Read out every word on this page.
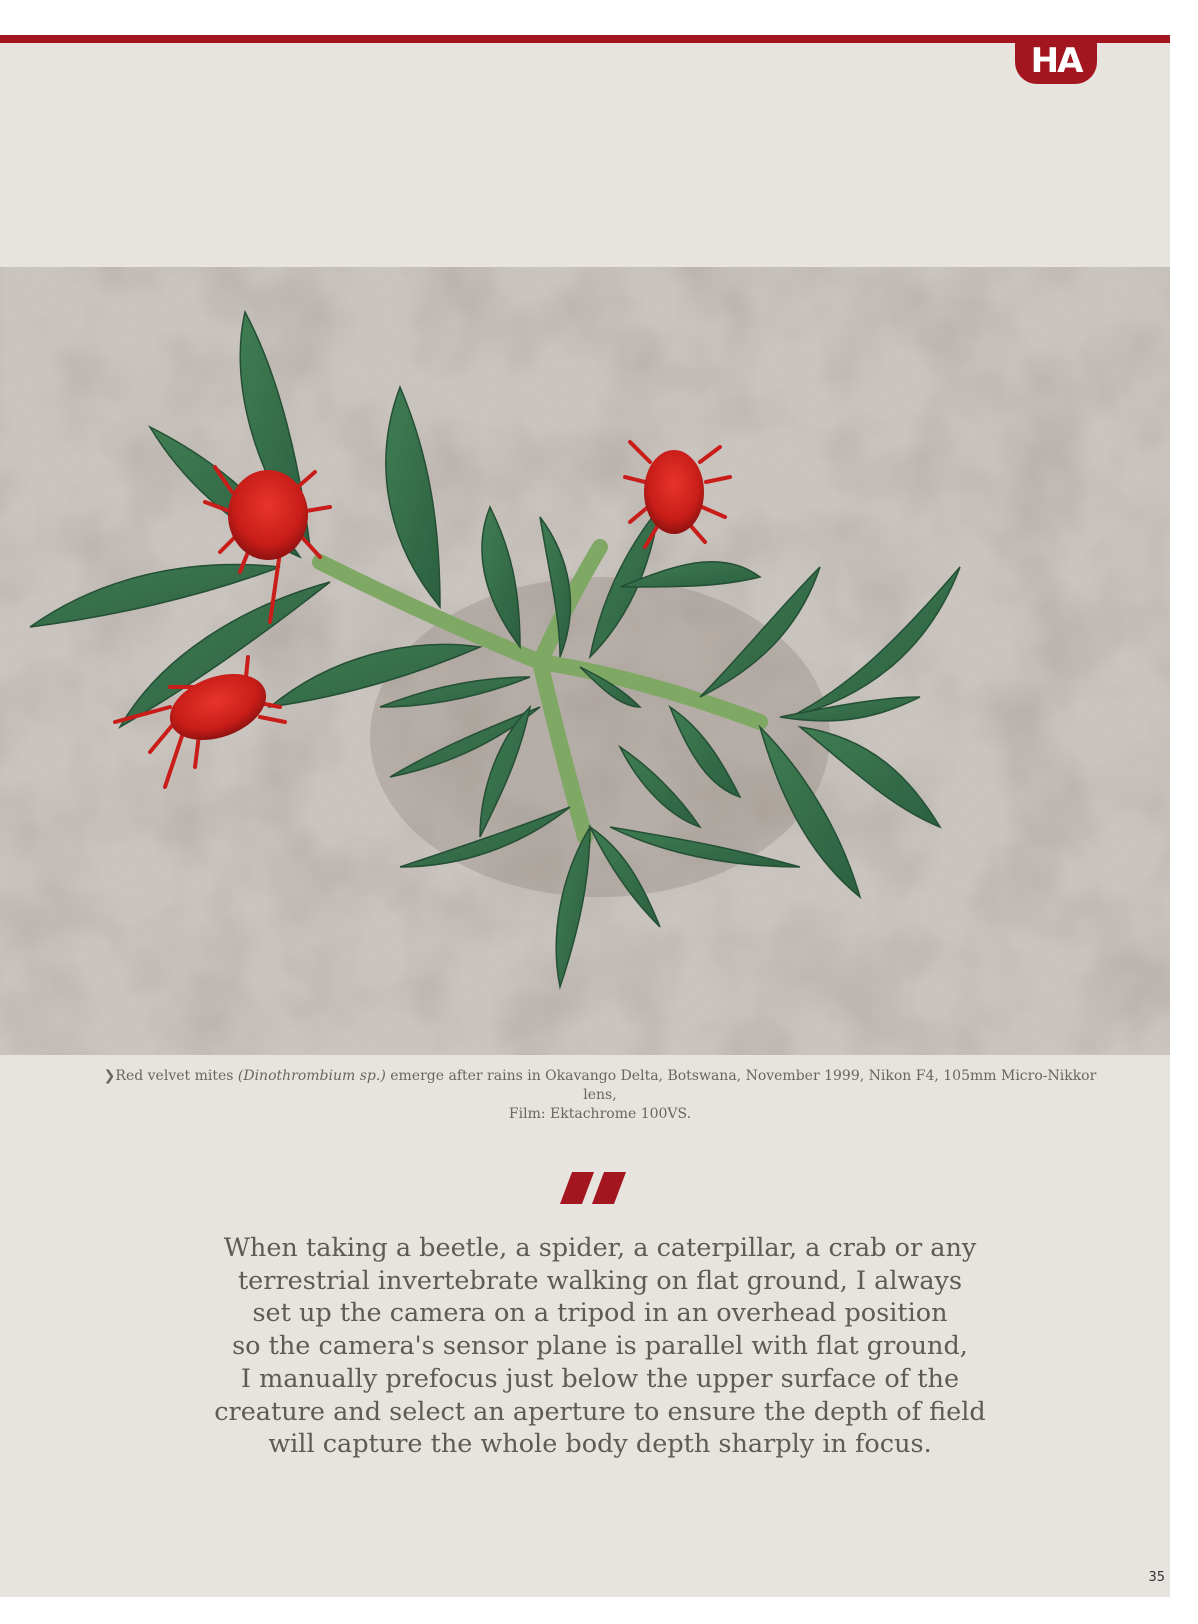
HA
❯Red velvet mites (Dinothrombium sp.) emerge after rains in Okavango Delta, Botswana, November 1999, Nikon F4, 105mm Micro-Nikkor lens,
Film: Ektachrome 100VS.

When taking a beetle, a spider, a caterpillar, a crab or any
terrestrial invertebrate walking on flat ground, I always
set up the camera on a tripod in an overhead position
so the camera's sensor plane is parallel with flat ground,
I manually prefocus just below the upper surface of the
creature and select an aperture to ensure the depth of field
will capture the whole body depth sharply in focus.

35
